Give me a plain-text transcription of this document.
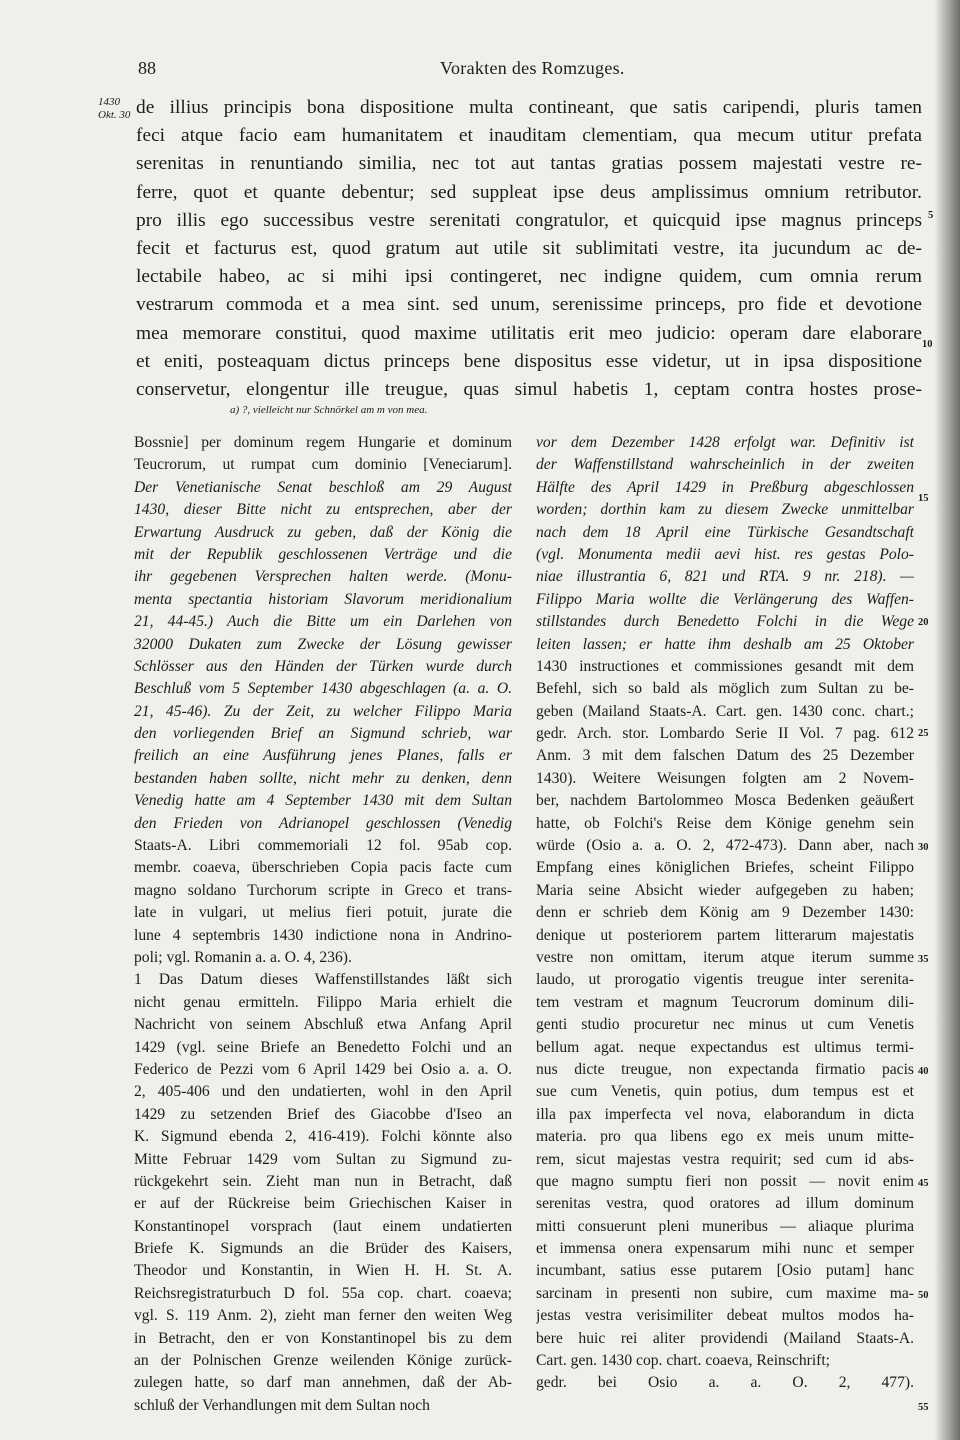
88	Vorakten des Romzuges.
1430
Okt. 30 de illius principis bona dispositione multa contineant, que satis caripendi, pluris tamen
feci atque facio eam humanitatem et inauditam clementiam, qua mecum utitur prefata
serenitas in renuntiando similia, nec tot aut tantas gratias possem majestati vestre re-
ferre, quot et quante debentur; sed suppleat ipse deus amplissimus omnium retributor.
pro illis ego successibus vestre serenitati congratulor, et quicquid ipse magnus princeps
fecit et facturus est, quod gratum aut utile sit sublimitati vestre, ita jucundum ac de-
lectabile habeo, ac si mihi ipsi contingeret, nec indigne quidem, cum omnia rerum
vestrarum commoda et a mea sint. sed unum, serenissime princeps, pro fide et devotione
mea memorare constitui, quod maxime utilitatis erit meo judicio: operam dare elaborare
et eniti, posteaquam dictus princeps bene dispositus esse videtur, ut in ipsa dispositione
conservetur, elongentur ille treugue, quas simul habetis 1, ceptam contra hostes prose-
5
10
a) ?, vielleicht nur Schnörkel am m von mea.
Bossnie] per dominum regem Hungarie et dominum
Teucrorum, ut rumpat cum dominio [Veneciarum].
Der Venetianische Senat beschloß am 29 August
1430, dieser Bitte nicht zu entsprechen, aber der
Erwartung Ausdruck zu geben, daß der König die
mit der Republik geschlossenen Verträge und die
ihr gegebenen Versprechen halten werde. (Monu-
menta spectantia historiam Slavorum meridionalium
21, 44-45.) Auch die Bitte um ein Darlehen von
32000 Dukaten zum Zwecke der Lösung gewisser
Schlösser aus den Händen der Türken wurde durch
Beschluß vom 5 September 1430 abgeschlagen (a. a. O.
21, 45-46). Zu der Zeit, zu welcher Filippo Maria
den vorliegenden Brief an Sigmund schrieb, war
freilich an eine Ausführung jenes Planes, falls er
bestanden haben sollte, nicht mehr zu denken, denn
Venedig hatte am 4 September 1430 mit dem Sultan
den Frieden von Adrianopel geschlossen (Venedig
Staats-A. Libri commemoriali 12 fol. 95ab cop.
membr. coaeva, überschrieben Copia pacis facte cum
magno soldano Turchorum scripte in Greco et trans-
late in vulgari, ut melius fieri potuit, jurate die
lune 4 septembris 1430 indictione nona in Andrino-
poli; vgl. Romanin a. a. O. 4, 236).
1 Das Datum dieses Waffenstillstandes läßt sich
nicht genau ermitteln. Filippo Maria erhielt die
Nachricht von seinem Abschluß etwa Anfang April
1429 (vgl. seine Briefe an Benedetto Folchi und an
Federico de Pezzi vom 6 April 1429 bei Osio a. a. O.
2, 405-406 und den undatierten, wohl in den April
1429 zu setzenden Brief des Giacobbe d'Iseo an
K. Sigmund ebenda 2, 416-419). Folchi könnte also
Mitte Februar 1429 vom Sultan zu Sigmund zu-
rückgekehrt sein. Zieht man nun in Betracht, daß
er auf der Rückreise beim Griechischen Kaiser in
Konstantinopel vorsprach (laut einem undatierten
Briefe K. Sigmunds an die Brüder des Kaisers,
Theodor und Konstantin, in Wien H. H. St. A.
Reichsregistraturbuch D fol. 55a cop. chart. coaeva;
vgl. S. 119 Anm. 2), zieht man ferner den weiten Weg
in Betracht, den er von Konstantinopel bis zu dem
an der Polnischen Grenze weilenden Könige zurück-
zulegen hatte, so darf man annehmen, daß der Ab-
schluß der Verhandlungen mit dem Sultan noch
vor dem Dezember 1428 erfolgt war. Definitiv ist
der Waffenstillstand wahrscheinlich in der zweiten
Hälfte des April 1429 in Preßburg abgeschlossen
worden; dorthin kam zu diesem Zwecke unmittelbar
nach dem 18 April eine Türkische Gesandtschaft
(vgl. Monumenta medii aevi hist. res gestas Polo-
niae illustrantia 6, 821 und RTA. 9 nr. 218). —
Filippo Maria wollte die Verlängerung des Waffen-
stillstandes durch Benedetto Folchi in die Wege
leiten lassen; er hatte ihm deshalb am 25 Oktober
1430 instructiones et commissiones gesandt mit dem
Befehl, sich so bald als möglich zum Sultan zu be-
geben (Mailand Staats-A. Cart. gen. 1430 conc. chart.;
gedr. Arch. stor. Lombardo Serie II Vol. 7 pag. 612
Anm. 3 mit dem falschen Datum des 25 Dezember
1430). Weitere Weisungen folgten am 2 Novem-
ber, nachdem Bartolommeo Mosca Bedenken geäußert
hatte, ob Folchi's Reise dem Könige genehm sein
würde (Osio a. a. O. 2, 472-473). Dann aber, nach
Empfang eines königlichen Briefes, scheint Filippo
Maria seine Absicht wieder aufgegeben zu haben;
denn er schrieb dem König am 9 Dezember 1430:
denique ut posteriorem partem litterarum majestatis
vestre non omittam, iterum atque iterum summe
laudo, ut prorogatio vigentis treugue inter serenita-
tem vestram et magnum Teucrorum dominum dili-
genti studio procuretur nec minus ut cum Venetis
bellum agat. neque expectandus est ultimus termi-
nus dicte treugue, non expectanda firmatio pacis
sue cum Venetis, quin potius, dum tempus est et
illa pax imperfecta vel nova, elaborandum in dicta
materia. pro qua libens ego ex meis unum mitte-
rem, sicut majestas vestra requirit; sed cum id abs-
que magno sumptu fieri non possit — novit enim
serenitas vestra, quod oratores ad illum dominum
mitti consuerunt pleni muneribus — aliaque plurima
et immensa onera expensarum mihi nunc et semper
incumbant, satius esse putarem [Osio putam] hanc
sarcinam in presenti non subire, cum maxime ma-
jestas vestra verisimiliter debeat multos modos ha-
bere huic rei aliter providendi (Mailand Staats-A.
Cart. gen. 1430 cop. chart. coaeva, Reinschrift;
gedr. bei Osio a. a. O. 2, 477).
15
20
25
30
35
40
45
50
55
